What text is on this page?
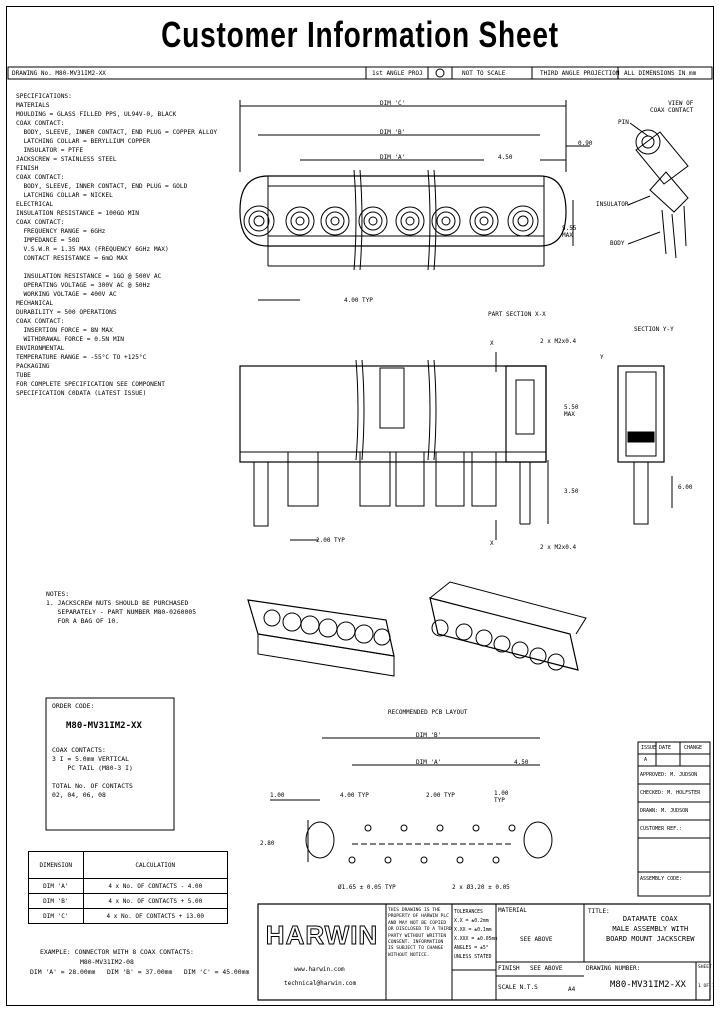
Customer Information Sheet
DRAWING No. M80-MV31IM2-XX	1st ANGLE PROJ	NOT TO SCALE	THIRD ANGLE PROJECTION ALL DIMENSIONS IN mm
SPECIFICATIONS:
MATERIALS
MOULDING = GLASS FILLED PPS, UL94V-0, BLACK
COAX CONTACT:
BODY, SLEEVE, INNER CONTACT, END PLUG = COPPER ALLOY
LATCHING COLLAR = BERYLLIUM COPPER
INSULATOR = PTFE
JACKSCREW = STAINLESS STEEL
FINISH
COAX CONTACT:
BODY, SLEEVE, INNER CONTACT, END PLUG = GOLD
LATCHING COLLAR = NICKEL
ELECTRICAL
INSULATION RESISTANCE = 100GΩ MIN
COAX CONTACT:
FREQUENCY RANGE = 6GHz
IMPEDANCE = 50Ω
V.S.W.R = 1.35 MAX (FREQUENCY 6GHz MAX)
CONTACT RESISTANCE = 6mΩ MAX

INSULATION RESISTANCE = 1GΩ @ 500V AC
OPERATING VOLTAGE = 300V AC @ 50Hz
WORKING VOLTAGE = 400V AC
MECHANICAL
DURABILITY = 500 OPERATIONS
COAX CONTACT:
INSERTION FORCE = 8N MAX
WITHDRAWAL FORCE = 0.5N MIN
ENVIRONMENTAL
TEMPERATURE RANGE = -55°C TO +125°C
PACKAGING
TUBE
FOR COMPLETE SPECIFICATION SEE COMPONENT
SPECIFICATION C0DATA (LATEST ISSUE)
DIM 'C'
DIM 'B'
DIM 'A'	4.50
0.90
5.55
MAX
4.00 TYP
PART SECTION X-X
SECTION Y-Y
2 x M2x0.4
5.50
MAX
3.50
2.00 TYP
2 x M2x0.4
6.00
X
X
Y
VIEW OF
COAX CONTACT
PIN
INSULATOR
BODY
RECOMMENDED PCB LAYOUT
DIM 'B'
DIM 'A'	4.50
1.00	4.00 TYP	2.00 TYP	1.00
TYP
2.80
Ø1.65 ± 0.05 TYP	2 x Ø3.20 ± 0.05
NOTES:
1. JACKSCREW NUTS SHOULD BE PURCHASED
SEPARATELY - PART NUMBER M80-0260005
FOR A BAG OF 10.
ORDER CODE:
M80-MV31IM2-XX
COAX CONTACTS:
3 I = 5.0mm VERTICAL
PC TAIL (M80-3 I)

TOTAL No. OF CONTACTS
02, 04, 06, 08
DIMENSION	CALCULATION
DIM 'A'	4 x No. OF CONTACTS - 4.00
DIM 'B'	4 x No. OF CONTACTS + 5.00
DIM 'C'	4 x No. OF CONTACTS + 13.00
EXAMPLE: CONNECTOR WITH 8 COAX CONTACTS:
M80-MV31IM2-08
DIM 'A' = 28.00mm   DIM 'B' = 37.00mm   DIM 'C' = 45.00mm
ISSUE DATE	CHANGE
A
APPROVED: M. JUDSON
CHECKED: M. HOLFSTER
DRAWN: M. JUDSON
CUSTOMER REF.:
ASSEMBLY CODE:
HARWIN
www.harwin.com
technical@harwin.com
THIS DRAWING IS THE
PROPERTY OF HARWIN PLC
AND MAY NOT BE COPIED
OR DISCLOSED TO A THIRD
PARTY WITHOUT WRITTEN
CONSENT. INFORMATION
IS SUBJECT TO CHANGE
WITHOUT NOTICE.
TOLERANCES
X.X = ±0.2mm
X.XX = ±0.1mm
X.XXX = ±0.05mm
ANGLES = ±5°
UNLESS STATED
MATERIAL
SEE ABOVE
FINISH SEE ABOVE
SCALE N.T.S	A4
TITLE:
DATAMATE COAX
MALE ASSEMBLY WITH
BOARD MOUNT JACKSCREW
DRAWING NUMBER:
M80-MV31IM2-XX
SHEET
1 OF 1
